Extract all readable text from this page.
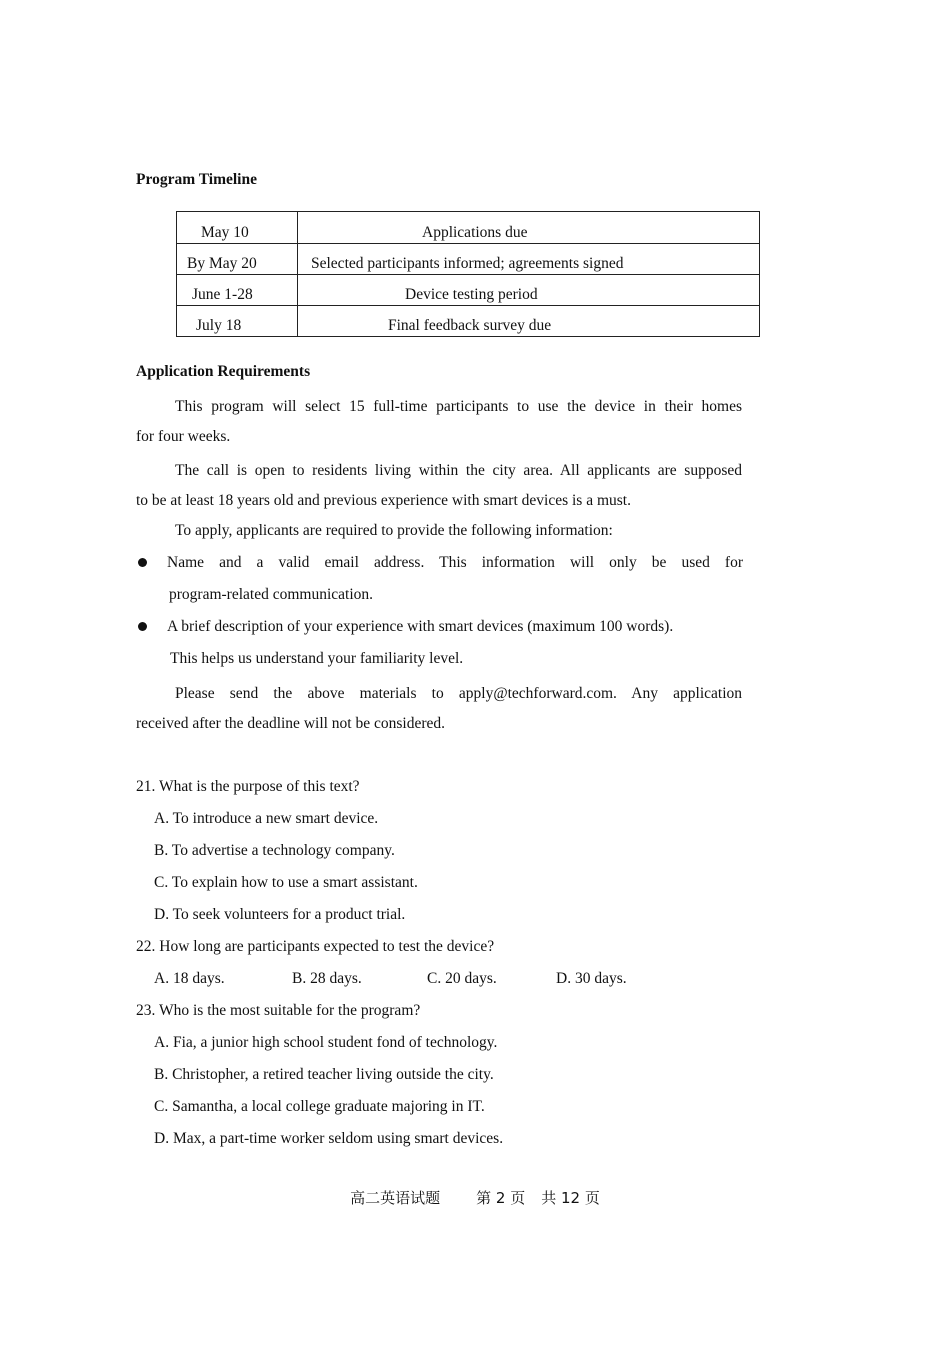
Program Timeline
May 10	Applications due
By May 20	Selected participants informed; agreements signed
June 1-28	Device testing period
July 18	Final feedback survey due
Application Requirements
This program will select 15 full-time participants to use the device in their homes
for four weeks.
The call is open to residents living within the city area. All applicants are supposed
to be at least 18 years old and previous experience with smart devices is a must.
To apply, applicants are required to provide the following information:
Name and a valid email address. This information will only be used for
program-related communication.
A brief description of your experience with smart devices (maximum 100 words).
This helps us understand your familiarity level.
Please send the above materials to apply@techforward.com. Any application
received after the deadline will not be considered.
21. What is the purpose of this text?
A. To introduce a new smart device.
B. To advertise a technology company.
C. To explain how to use a smart assistant.
D. To seek volunteers for a product trial.
22. How long are participants expected to test the device?
A. 18 days.	B. 28 days.	C. 20 days.	D. 30 days.
23. Who is the most suitable for the program?
A. Fia, a junior high school student fond of technology.
B. Christopher, a retired teacher living outside the city.
C. Samantha, a local college graduate majoring in IT.
D. Max, a part-time worker seldom using smart devices.
高二英语试题 第 2 页 共 12 页
